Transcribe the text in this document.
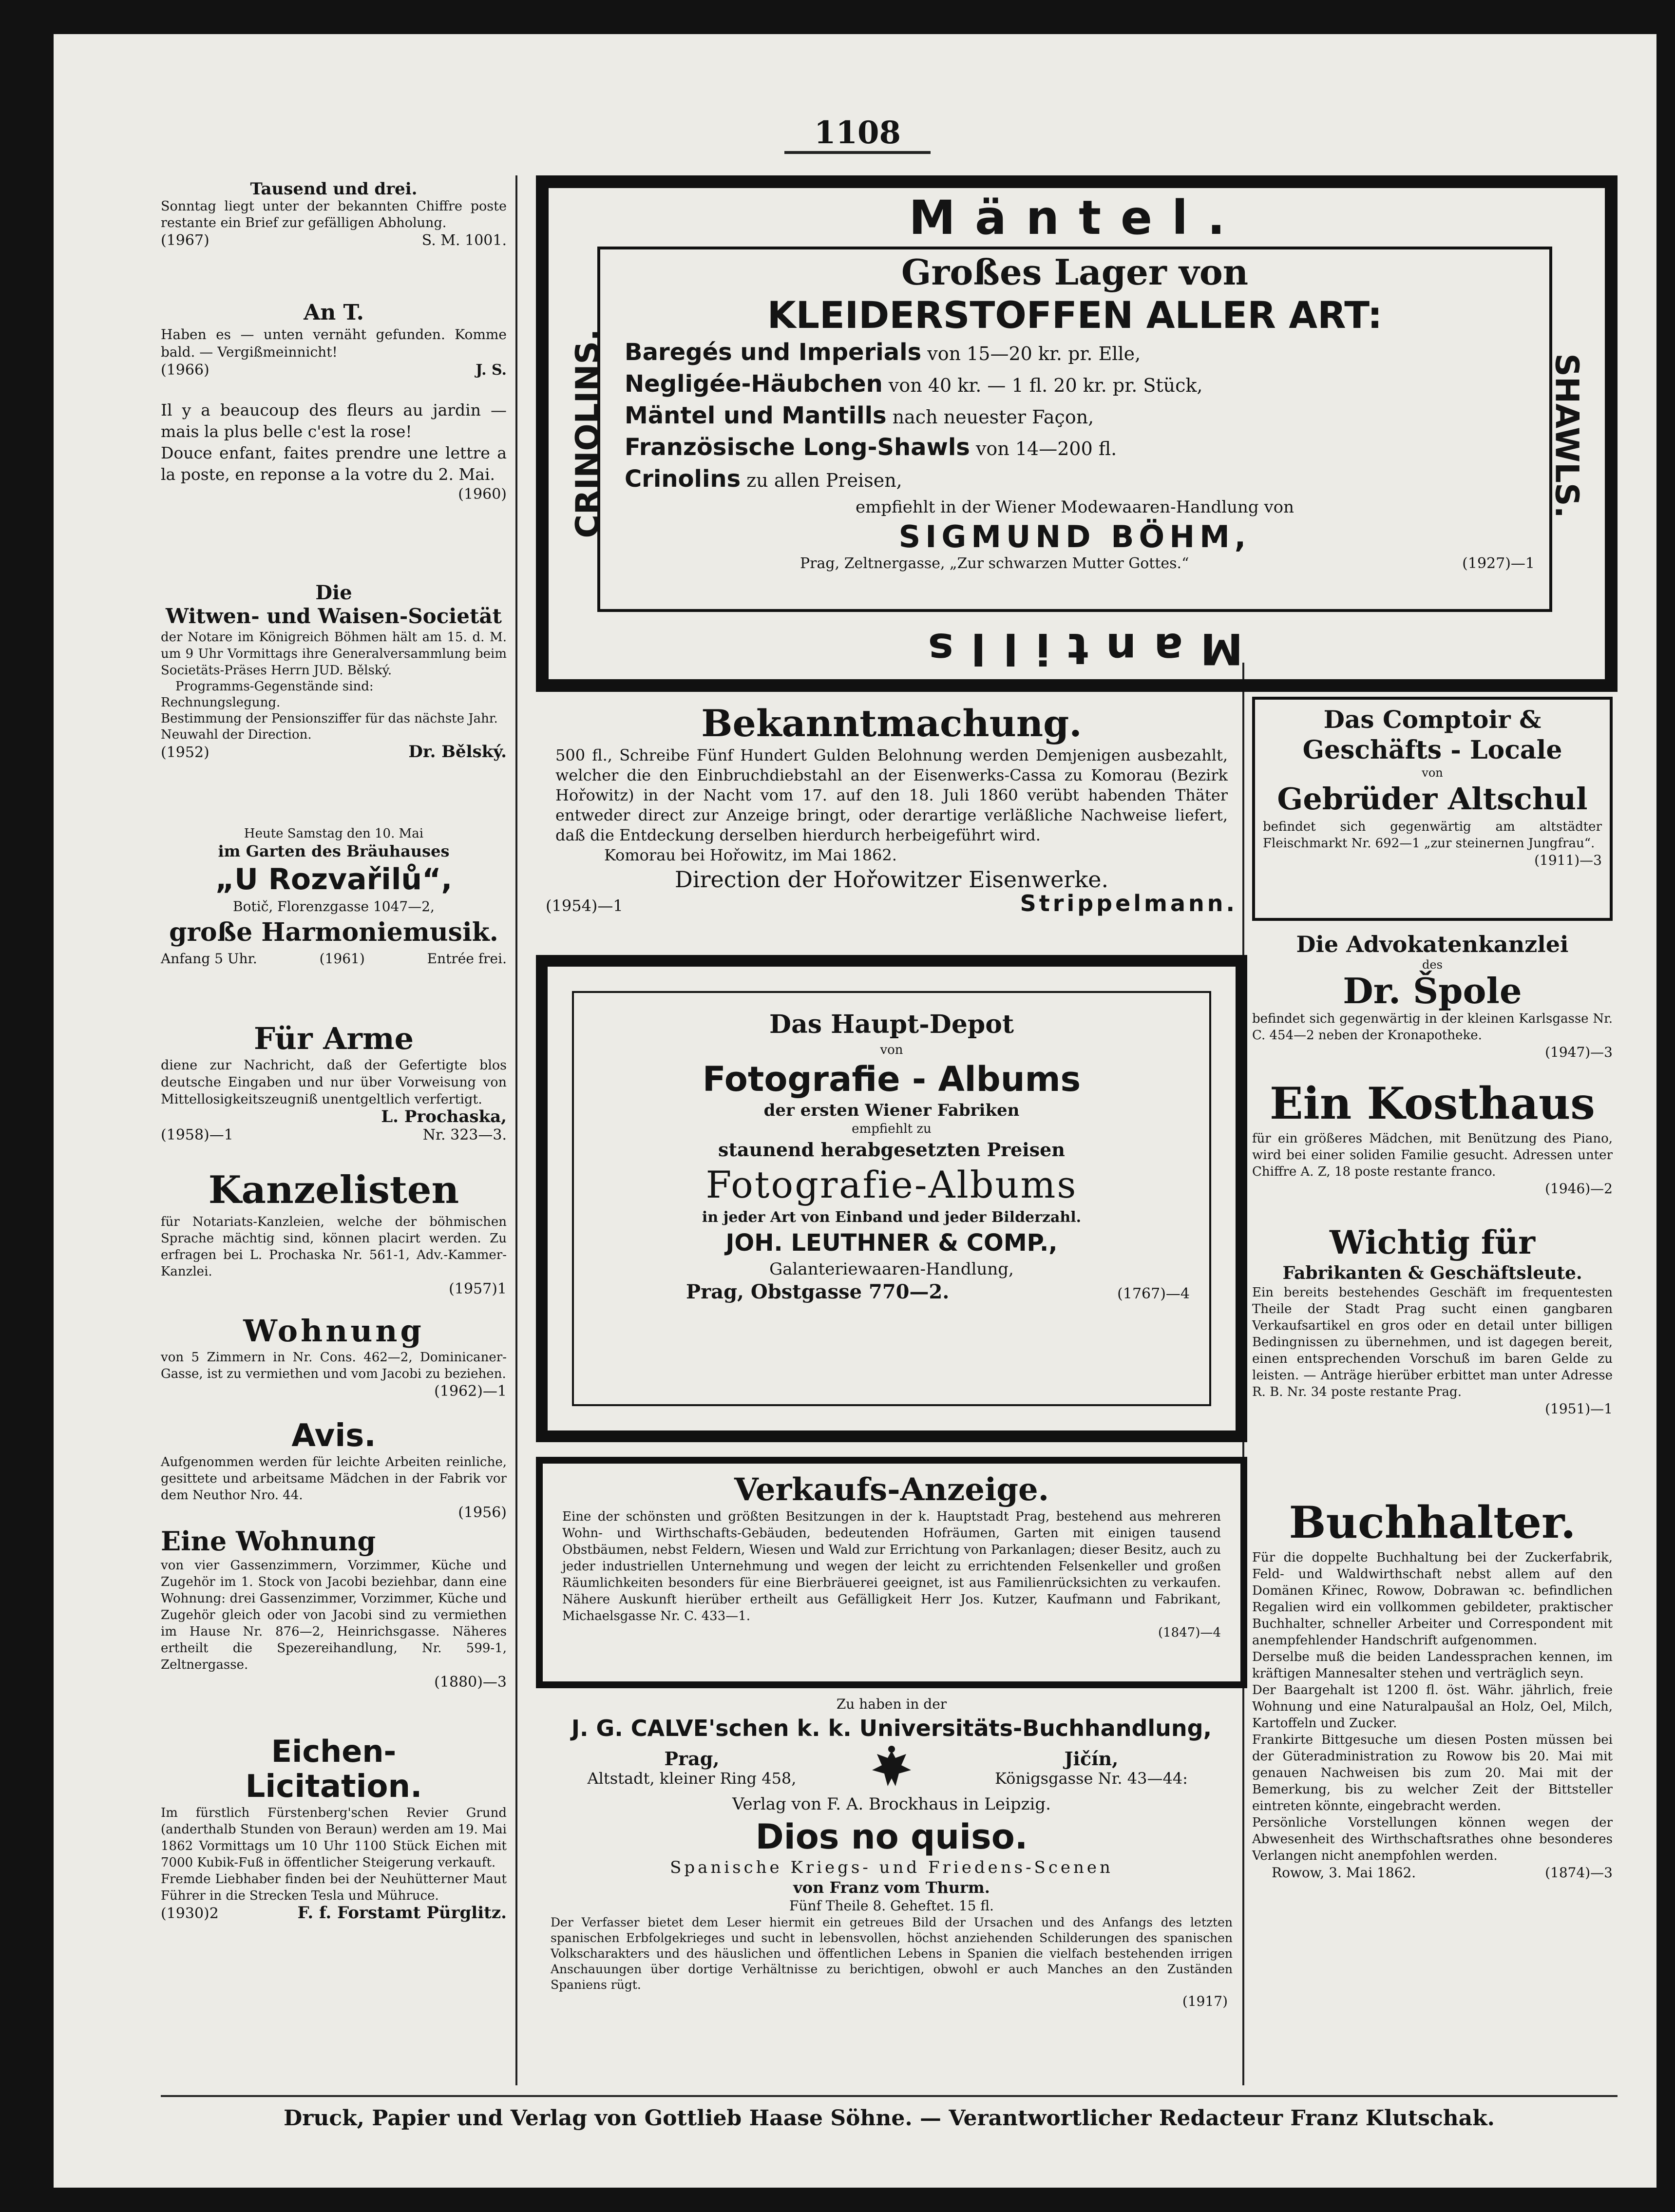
1108
Tausend und drei.
Sonntag liegt unter der bekannten Chiffre poste restante ein Brief zur gefälligen Abholung.
(1967)	S. M. 1001.
An T.
Haben es — unten vernäht gefunden. Komme bald. — Vergißmeinnicht!
(1966)	J. S.
Il y a beaucoup des fleurs au jardin — mais la plus belle c'est la rose!
Douce enfant, faites prendre une lettre a la poste, en reponse a la votre du 2. Mai.
(1960)
Die
Witwen- und Waisen-Societät
der Notare im Königreich Böhmen hält am 15. d. M. um 9 Uhr Vormittags ihre Generalversammlung beim Societäts-Präses Herrn JUD. Bělský.
Programms-Gegenstände sind:
Rechnungslegung.
Bestimmung der Pensionsziffer für das nächste Jahr.
Neuwahl der Direction.
(1952)	Dr. Bělský.
Heute Samstag den 10. Mai
im Garten des Bräuhauses
„U Rozvařilů“,
Botič, Florenzgasse 1047—2,
große Harmoniemusik.
Anfang 5 Uhr.	(1961)	Entrée frei.
Für Arme
diene zur Nachricht, daß der Gefertigte blos deutsche Eingaben und nur über Vorweisung von Mittellosigkeitszeugniß unentgeltlich verfertigt.
L. Prochaska,
(1958)—1	Nr. 323—3.
Kanzelisten
für Notariats-Kanzleien, welche der böhmischen Sprache mächtig sind, können placirt werden. Zu erfragen bei L. Prochaska Nr. 561-1, Adv.-Kammer-Kanzlei.
(1957)1
Wohnung
von 5 Zimmern in Nr. Cons. 462—2, Dominicaner-Gasse, ist zu vermiethen und vom Jacobi zu beziehen.
(1962)—1
Avis.
Aufgenommen werden für leichte Arbeiten reinliche, gesittete und arbeitsame Mädchen in der Fabrik vor dem Neuthor Nro. 44.
(1956)
Eine Wohnung
von vier Gassenzimmern, Vorzimmer, Küche und Zugehör im 1. Stock von Jacobi beziehbar, dann eine Wohnung: drei Gassenzimmer, Vorzimmer, Küche und Zugehör gleich oder von Jacobi sind zu vermiethen im Hause Nr. 876—2, Heinrichsgasse. Näheres ertheilt die Spezereihandlung, Nr. 599-1, Zeltnergasse.
(1880)—3
Eichen-
Licitation.
Im fürstlich Fürstenberg'schen Revier Grund (anderthalb Stunden von Beraun) werden am 19. Mai 1862 Vormittags um 10 Uhr 1100 Stück Eichen mit 7000 Kubik-Fuß in öffentlicher Steigerung verkauft.
Fremde Liebhaber finden bei der Neuhütterner Maut Führer in die Strecken Tesla und Mühruce.
(1930)2	F. f. Forstamt Pürglitz.
Mäntel.
CRINOLINS.	SHAWLS.
Mantills
Großes Lager von
KLEIDERSTOFFEN ALLER ART:
Baregés und Imperials von 15—20 kr. pr. Elle,
Negligée-Häubchen von 40 kr. — 1 fl. 20 kr. pr. Stück,
Mäntel und Mantills nach neuester Façon,
Französische Long-Shawls von 14—200 fl.
Crinolins zu allen Preisen,
empfiehlt in der Wiener Modewaaren-Handlung von
SIGMUND BÖHM,
Prag, Zeltnergasse, „Zur schwarzen Mutter Gottes.“	(1927)—1
Bekanntmachung.
500 fl., Schreibe Fünf Hundert Gulden Belohnung werden Demjenigen ausbezahlt, welcher die den Einbruchdiebstahl an der Eisenwerks-Cassa zu Komorau (Bezirk Hořowitz) in der Nacht vom 17. auf den 18. Juli 1860 verübt habenden Thäter entweder direct zur Anzeige bringt, oder derartige verläßliche Nachweise liefert, daß die Entdeckung derselben hierdurch herbeigeführt wird.
Komorau bei Hořowitz, im Mai 1862.
Direction der Hořowitzer Eisenwerke.
(1954)—1	Strippelmann.
Das Haupt-Depot
von
Fotografie - Albums
der ersten Wiener Fabriken
empfiehlt zu
staunend herabgesetzten Preisen
Fotografie-Albums
in jeder Art von Einband und jeder Bilderzahl.
JOH. LEUTHNER & COMP.,
Galanteriewaaren-Handlung,
Prag, Obstgasse 770—2.	(1767)—4
Verkaufs-Anzeige.
Eine der schönsten und größten Besitzungen in der k. Hauptstadt Prag, bestehend aus mehreren Wohn- und Wirthschafts-Gebäuden, bedeutenden Hofräumen, Garten mit einigen tausend Obstbäumen, nebst Feldern, Wiesen und Wald zur Errichtung von Parkanlagen; dieser Besitz, auch zu jeder industriellen Unternehmung und wegen der leicht zu errichtenden Felsenkeller und großen Räumlichkeiten besonders für eine Bierbräuerei geeignet, ist aus Familienrücksichten zu verkaufen. Nähere Auskunft hierüber ertheilt aus Gefälligkeit Herr Jos. Kutzer, Kaufmann und Fabrikant, Michaelsgasse Nr. C. 433—1.
(1847)—4
Zu haben in der
J. G. CALVE'schen k. k. Universitäts-Buchhandlung,
Prag,
Altstadt, kleiner Ring 458,
Jičín,
Königsgasse Nr. 43—44:
Verlag von F. A. Brockhaus in Leipzig.
Dios no quiso.
Spanische Kriegs- und Friedens-Scenen
von Franz vom Thurm.
Fünf Theile 8. Geheftet. 15 fl.
Der Verfasser bietet dem Leser hiermit ein getreues Bild der Ursachen und des Anfangs des letzten spanischen Erbfolgekrieges und sucht in lebensvollen, höchst anziehenden Schilderungen des spanischen Volkscharakters und des häuslichen und öffentlichen Lebens in Spanien die vielfach bestehenden irrigen Anschauungen über dortige Verhältnisse zu berichtigen, obwohl er auch Manches an den Zuständen Spaniens rügt.
(1917)
Das Comptoir &
Geschäfts - Locale
von
Gebrüder Altschul
befindet sich gegenwärtig am altstädter Fleischmarkt Nr. 692—1 „zur steinernen Jungfrau“.
(1911)—3
Die Advokatenkanzlei
des
Dr. Špole
befindet sich gegenwärtig in der kleinen Karlsgasse Nr. C. 454—2 neben der Kronapotheke.
(1947)—3
Ein Kosthaus
für ein größeres Mädchen, mit Benützung des Piano, wird bei einer soliden Familie gesucht. Adressen unter Chiffre A. Z, 18 poste restante franco.
(1946)—2
Wichtig für
Fabrikanten & Geschäftsleute.
Ein bereits bestehendes Geschäft im frequentesten Theile der Stadt Prag sucht einen gangbaren Verkaufsartikel en gros oder en detail unter billigen Bedingnissen zu übernehmen, und ist dagegen bereit, einen entsprechenden Vorschuß im baren Gelde zu leisten. — Anträge hierüber erbittet man unter Adresse R. B. Nr. 34 poste restante Prag.
(1951)—1
Buchhalter.
Für die doppelte Buchhaltung bei der Zuckerfabrik, Feld- und Waldwirthschaft nebst allem auf den Domänen Křinec, Rowow, Dobrawan ꝛc. befindlichen Regalien wird ein vollkommen gebildeter, praktischer Buchhalter, schneller Arbeiter und Correspondent mit anempfehlender Handschrift aufgenommen.
Derselbe muß die beiden Landessprachen kennen, im kräftigen Mannesalter stehen und verträglich seyn.
Der Baargehalt ist 1200 fl. öst. Währ. jährlich, freie Wohnung und eine Naturalpaušal an Holz, Oel, Milch, Kartoffeln und Zucker.
Frankirte Bittgesuche um diesen Posten müssen bei der Güteradministration zu Rowow bis 20. Mai mit genauen Nachweisen bis zum 20. Mai mit der Bemerkung, bis zu welcher Zeit der Bittsteller eintreten könnte, eingebracht werden.
Persönliche Vorstellungen können wegen der Abwesenheit des Wirthschaftsrathes ohne besonderes Verlangen nicht anempfohlen werden.
Rowow, 3. Mai 1862.	(1874)—3
Druck, Papier und Verlag von Gottlieb Haase Söhne. — Verantwortlicher Redacteur Franz Klutschak.
